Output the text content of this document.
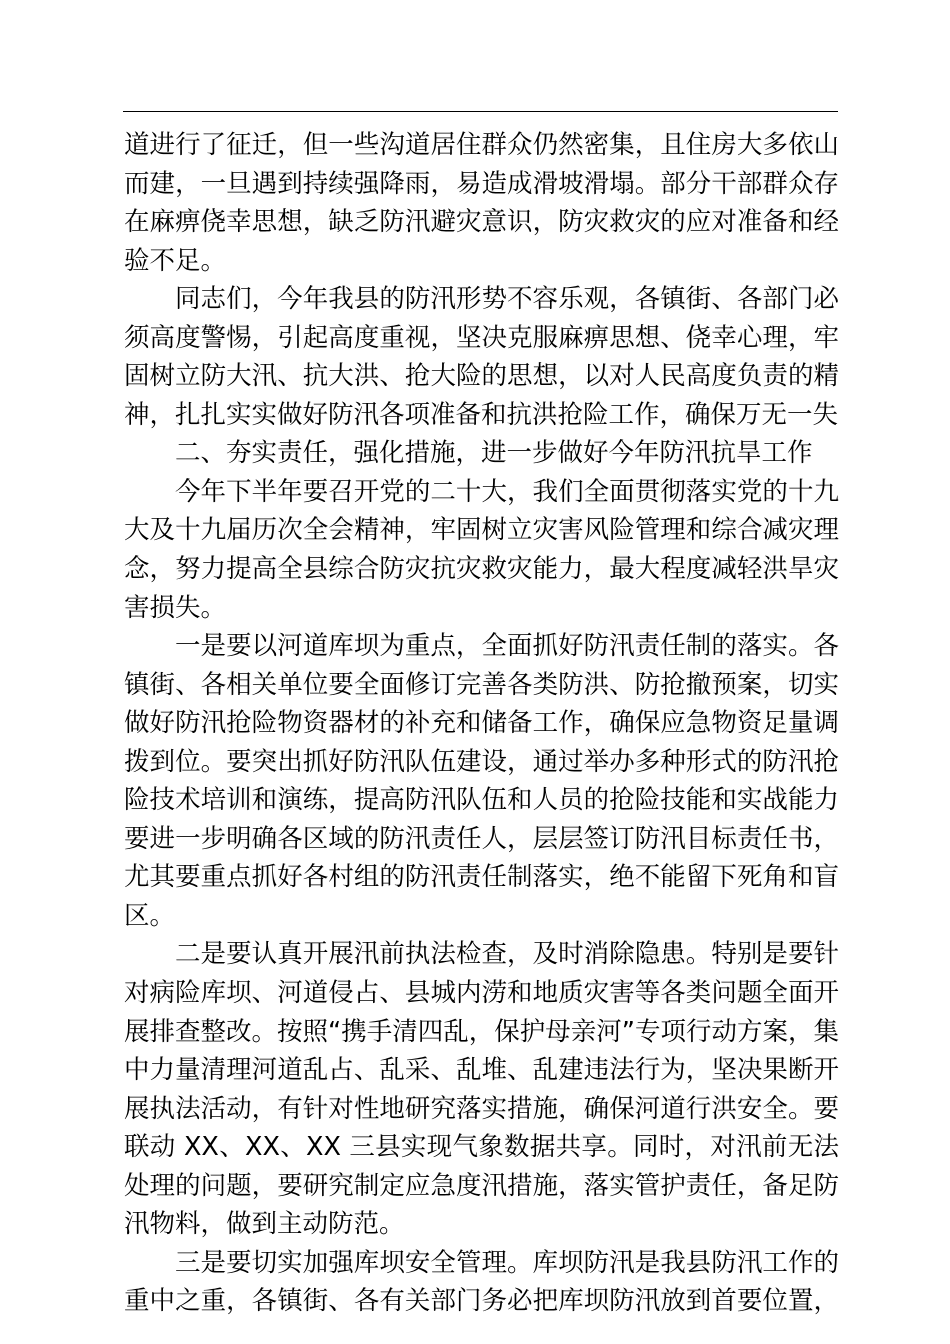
道进行了征迁，但一些沟道居住群众仍然密集，且住房大多依山
而建，一旦遇到持续强降雨，易造成滑坡滑塌。部分干部群众存
在麻痹侥幸思想，缺乏防汛避灾意识，防灾救灾的应对准备和经
验不足。
同志们，今年我县的防汛形势不容乐观，各镇街、各部门必
须高度警惕，引起高度重视，坚决克服麻痹思想、侥幸心理，牢
固树立防大汛、抗大洪、抢大险的思想，以对人民高度负责的精
神，扎扎实实做好防汛各项准备和抗洪抢险工作，确保万无一失
二、夯实责任，强化措施，进一步做好今年防汛抗旱工作
今年下半年要召开党的二十大，我们全面贯彻落实党的十九
大及十九届历次全会精神，牢固树立灾害风险管理和综合减灾理
念，努力提高全县综合防灾抗灾救灾能力，最大程度减轻洪旱灾
害损失。
一是要以河道库坝为重点，全面抓好防汛责任制的落实。各
镇街、各相关单位要全面修订完善各类防洪、防抢撤预案，切实
做好防汛抢险物资器材的补充和储备工作，确保应急物资足量调
拨到位。要突出抓好防汛队伍建设，通过举办多种形式的防汛抢
险技术培训和演练，提高防汛队伍和人员的抢险技能和实战能力
要进一步明确各区域的防汛责任人，层层签订防汛目标责任书，
尤其要重点抓好各村组的防汛责任制落实，绝不能留下死角和盲
区。
二是要认真开展汛前执法检查，及时消除隐患。特别是要针
对病险库坝、河道侵占、县城内涝和地质灾害等各类问题全面开
展排查整改。按照“携手清四乱，保护母亲河”专项行动方案，集
中力量清理河道乱占、乱采、乱堆、乱建违法行为，坚决果断开
展执法活动，有针对性地研究落实措施，确保河道行洪安全。要
联动 XX、XX、XX 三县实现气象数据共享。同时，对汛前无法
处理的问题，要研究制定应急度汛措施，落实管护责任，备足防
汛物料，做到主动防范。
三是要切实加强库坝安全管理。库坝防汛是我县防汛工作的
重中之重，各镇街、各有关部门务必把库坝防汛放到首要位置，
